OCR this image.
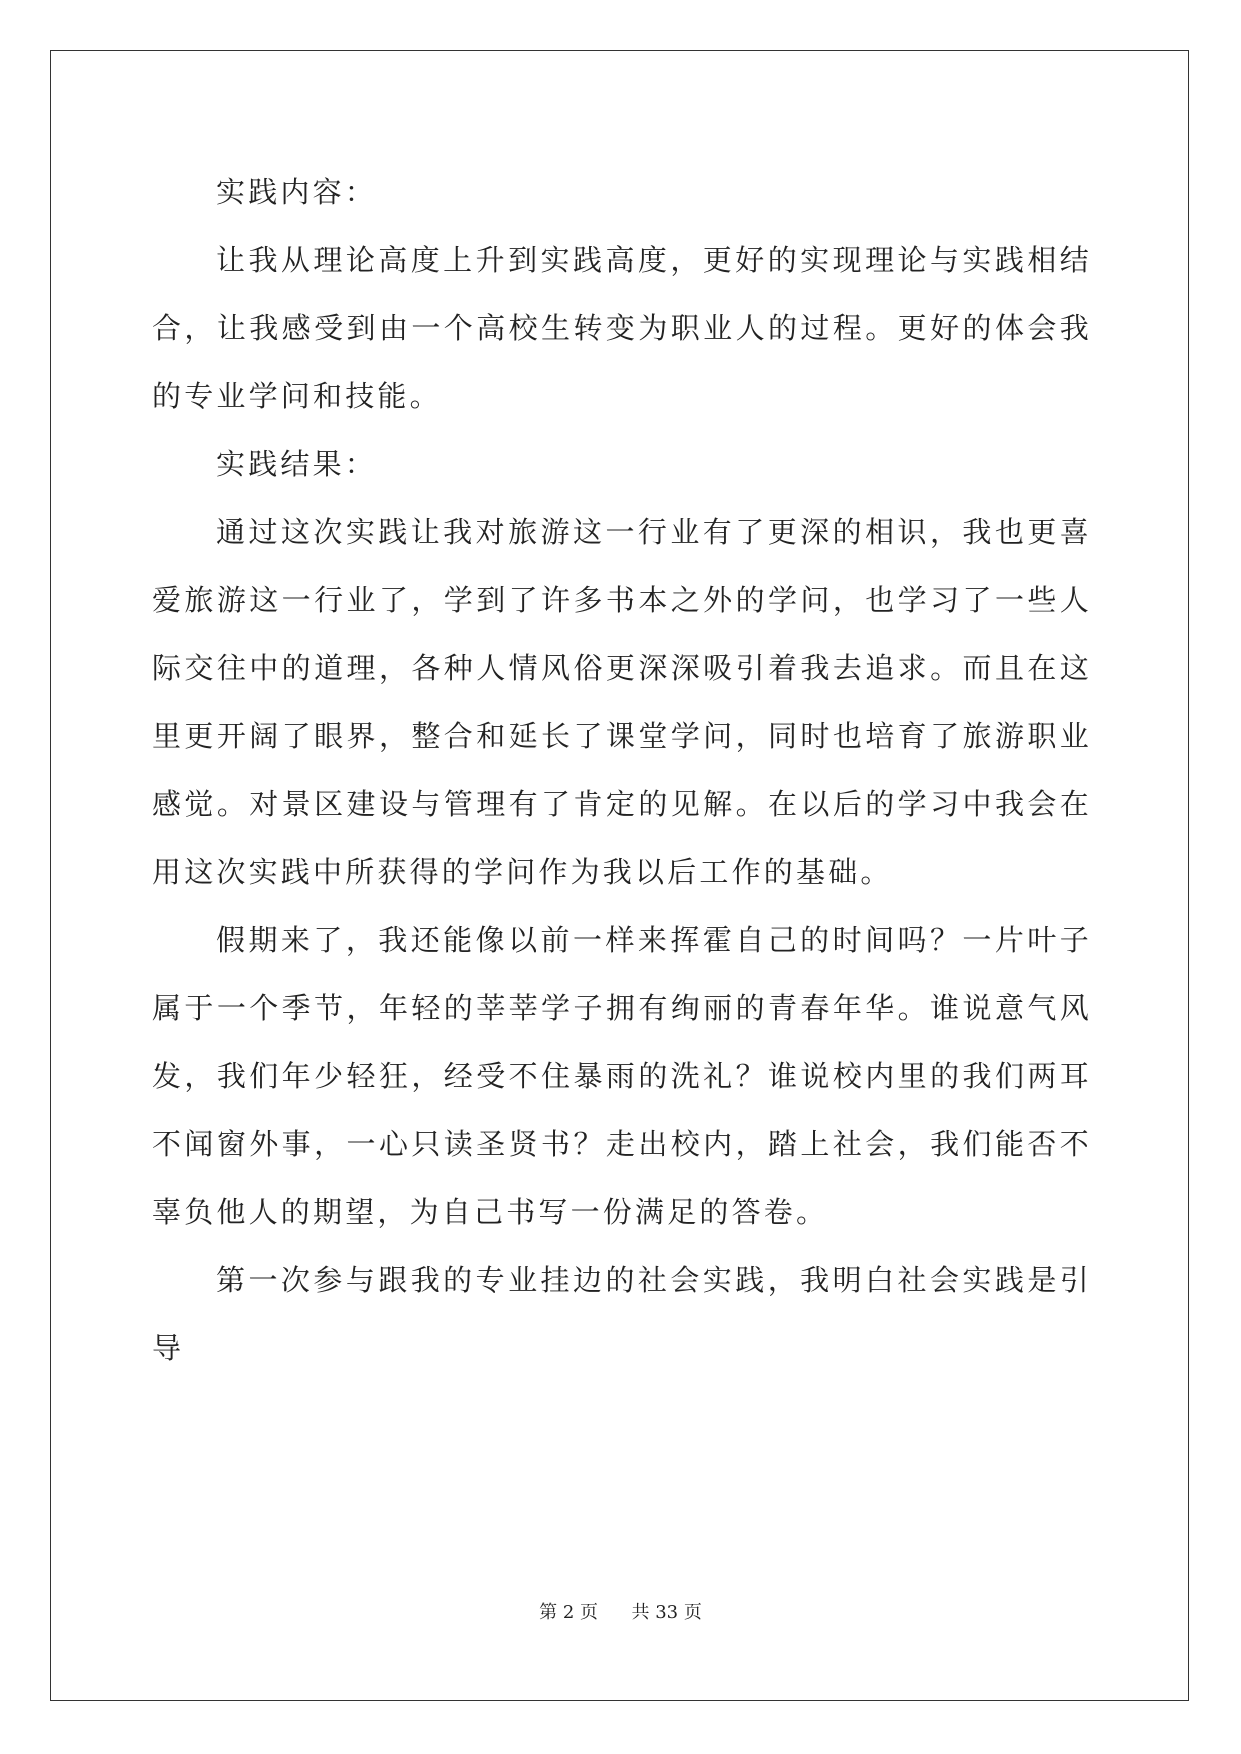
实践内容：

让我从理论高度上升到实践高度，更好的实现理论与实践相结合，让我感受到由一个高校生转变为职业人的过程。更好的体会我的专业学问和技能。

实践结果：

通过这次实践让我对旅游这一行业有了更深的相识，我也更喜爱旅游这一行业了，学到了许多书本之外的学问，也学习了一些人际交往中的道理，各种人情风俗更深深吸引着我去追求。而且在这里更开阔了眼界，整合和延长了课堂学问，同时也培育了旅游职业感觉。对景区建设与管理有了肯定的见解。在以后的学习中我会在用这次实践中所获得的学问作为我以后工作的基础。

假期来了，我还能像以前一样来挥霍自己的时间吗？一片叶子属于一个季节，年轻的莘莘学子拥有绚丽的青春年华。谁说意气风发，我们年少轻狂，经受不住暴雨的洗礼？谁说校内里的我们两耳不闻窗外事，一心只读圣贤书？走出校内，踏上社会，我们能否不辜负他人的期望，为自己书写一份满足的答卷。

第一次参与跟我的专业挂边的社会实践，我明白社会实践是引导

第 2 页 共 33 页
